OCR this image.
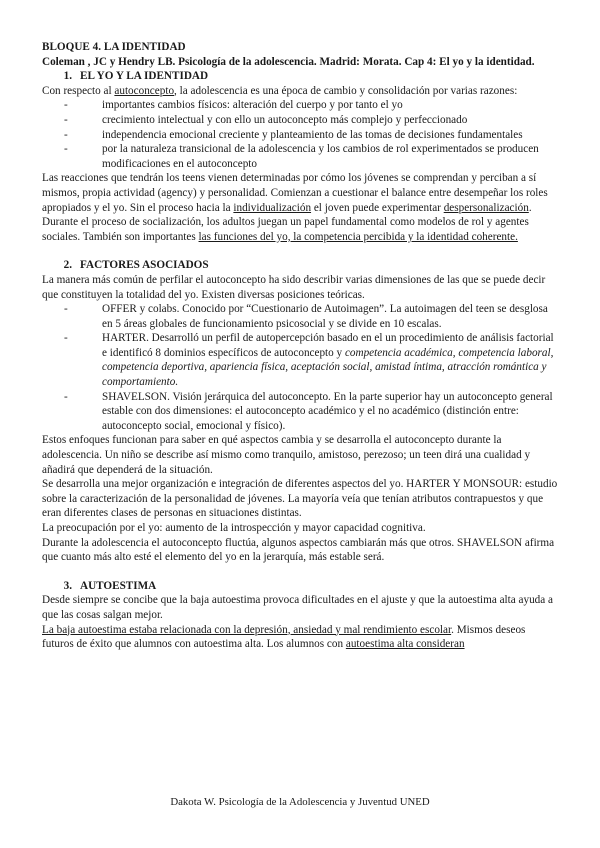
BLOQUE 4. LA IDENTIDAD

Coleman , JC y Hendry LB. Psicología de la adolescencia. Madrid: Morata. Cap 4: El yo y la identidad.

1. EL YO Y LA IDENTIDAD

Con respecto al autoconcepto, la adolescencia es una época de cambio y consolidación por varias razones:

-	importantes cambios físicos: alteración del cuerpo y por tanto el yo
-	crecimiento intelectual y con ello un autoconcepto más complejo y perfeccionado
-	independencia emocional creciente y planteamiento de las tomas de decisiones fundamentales
-	por la naturaleza transicional de la adolescencia y los cambios de rol experimentados se producen modificaciones en el autoconcepto

Las reacciones que tendrán los teens vienen determinadas por cómo los jóvenes se comprendan y perciban a sí mismos, propia actividad (agency) y personalidad. Comienzan a cuestionar el balance entre desempeñar los roles apropiados y el yo. Sin el proceso hacia la individualización el joven puede experimentar despersonalización.

Durante el proceso de socialización, los adultos juegan un papel fundamental como modelos de rol y agentes sociales. También son importantes las funciones del yo, la competencia percibida y la identidad coherente.

2. FACTORES ASOCIADOS

La manera más común de perfilar el autoconcepto ha sido describir varias dimensiones de las que se puede decir que constituyen la totalidad del yo. Existen diversas posiciones teóricas.

-	OFFER y colabs. Conocido por “Cuestionario de Autoimagen”. La autoimagen del teen se desglosa en 5 áreas globales de funcionamiento psicosocial y se divide en 10 escalas.
-	HARTER. Desarrolló un perfil de autopercepción basado en el un procedimiento de análisis factorial e identificó 8 dominios específicos de autoconcepto y competencia académica, competencia laboral, competencia deportiva, apariencia física, aceptación social, amistad íntima, atracción romántica y comportamiento.
-	SHAVELSON. Visión jerárquica del autoconcepto. En la parte superior hay un autoconcepto general estable con dos dimensiones: el autoconcepto académico y el no académico (distinción entre: autoconcepto social, emocional y físico).

Estos enfoques funcionan para saber en qué aspectos cambia y se desarrolla el autoconcepto durante la adolescencia. Un niño se describe así mismo como tranquilo, amistoso, perezoso; un teen dirá una cualidad y añadirá que dependerá de la situación.

Se desarrolla una mejor organización e integración de diferentes aspectos del yo. HARTER Y MONSOUR: estudio sobre la caracterización de la personalidad de jóvenes. La mayoría veía que tenían atributos contrapuestos y que eran diferentes clases de personas en situaciones distintas.

La preocupación por el yo: aumento de la introspección y mayor capacidad cognitiva.

Durante la adolescencia el autoconcepto fluctúa, algunos aspectos cambiarán más que otros. SHAVELSON afirma que cuanto más alto esté el elemento del yo en la jerarquía, más estable será.

3. AUTOESTIMA

Desde siempre se concibe que la baja autoestima provoca dificultades en el ajuste y que la autoestima alta ayuda a que las cosas salgan mejor.

La baja autoestima estaba relacionada con la depresión, ansiedad y mal rendimiento escolar. Mismos deseos futuros de éxito que alumnos con autoestima alta. Los alumnos con autoestima alta consideran

Dakota W. Psicología de la Adolescencia y Juventud UNED
